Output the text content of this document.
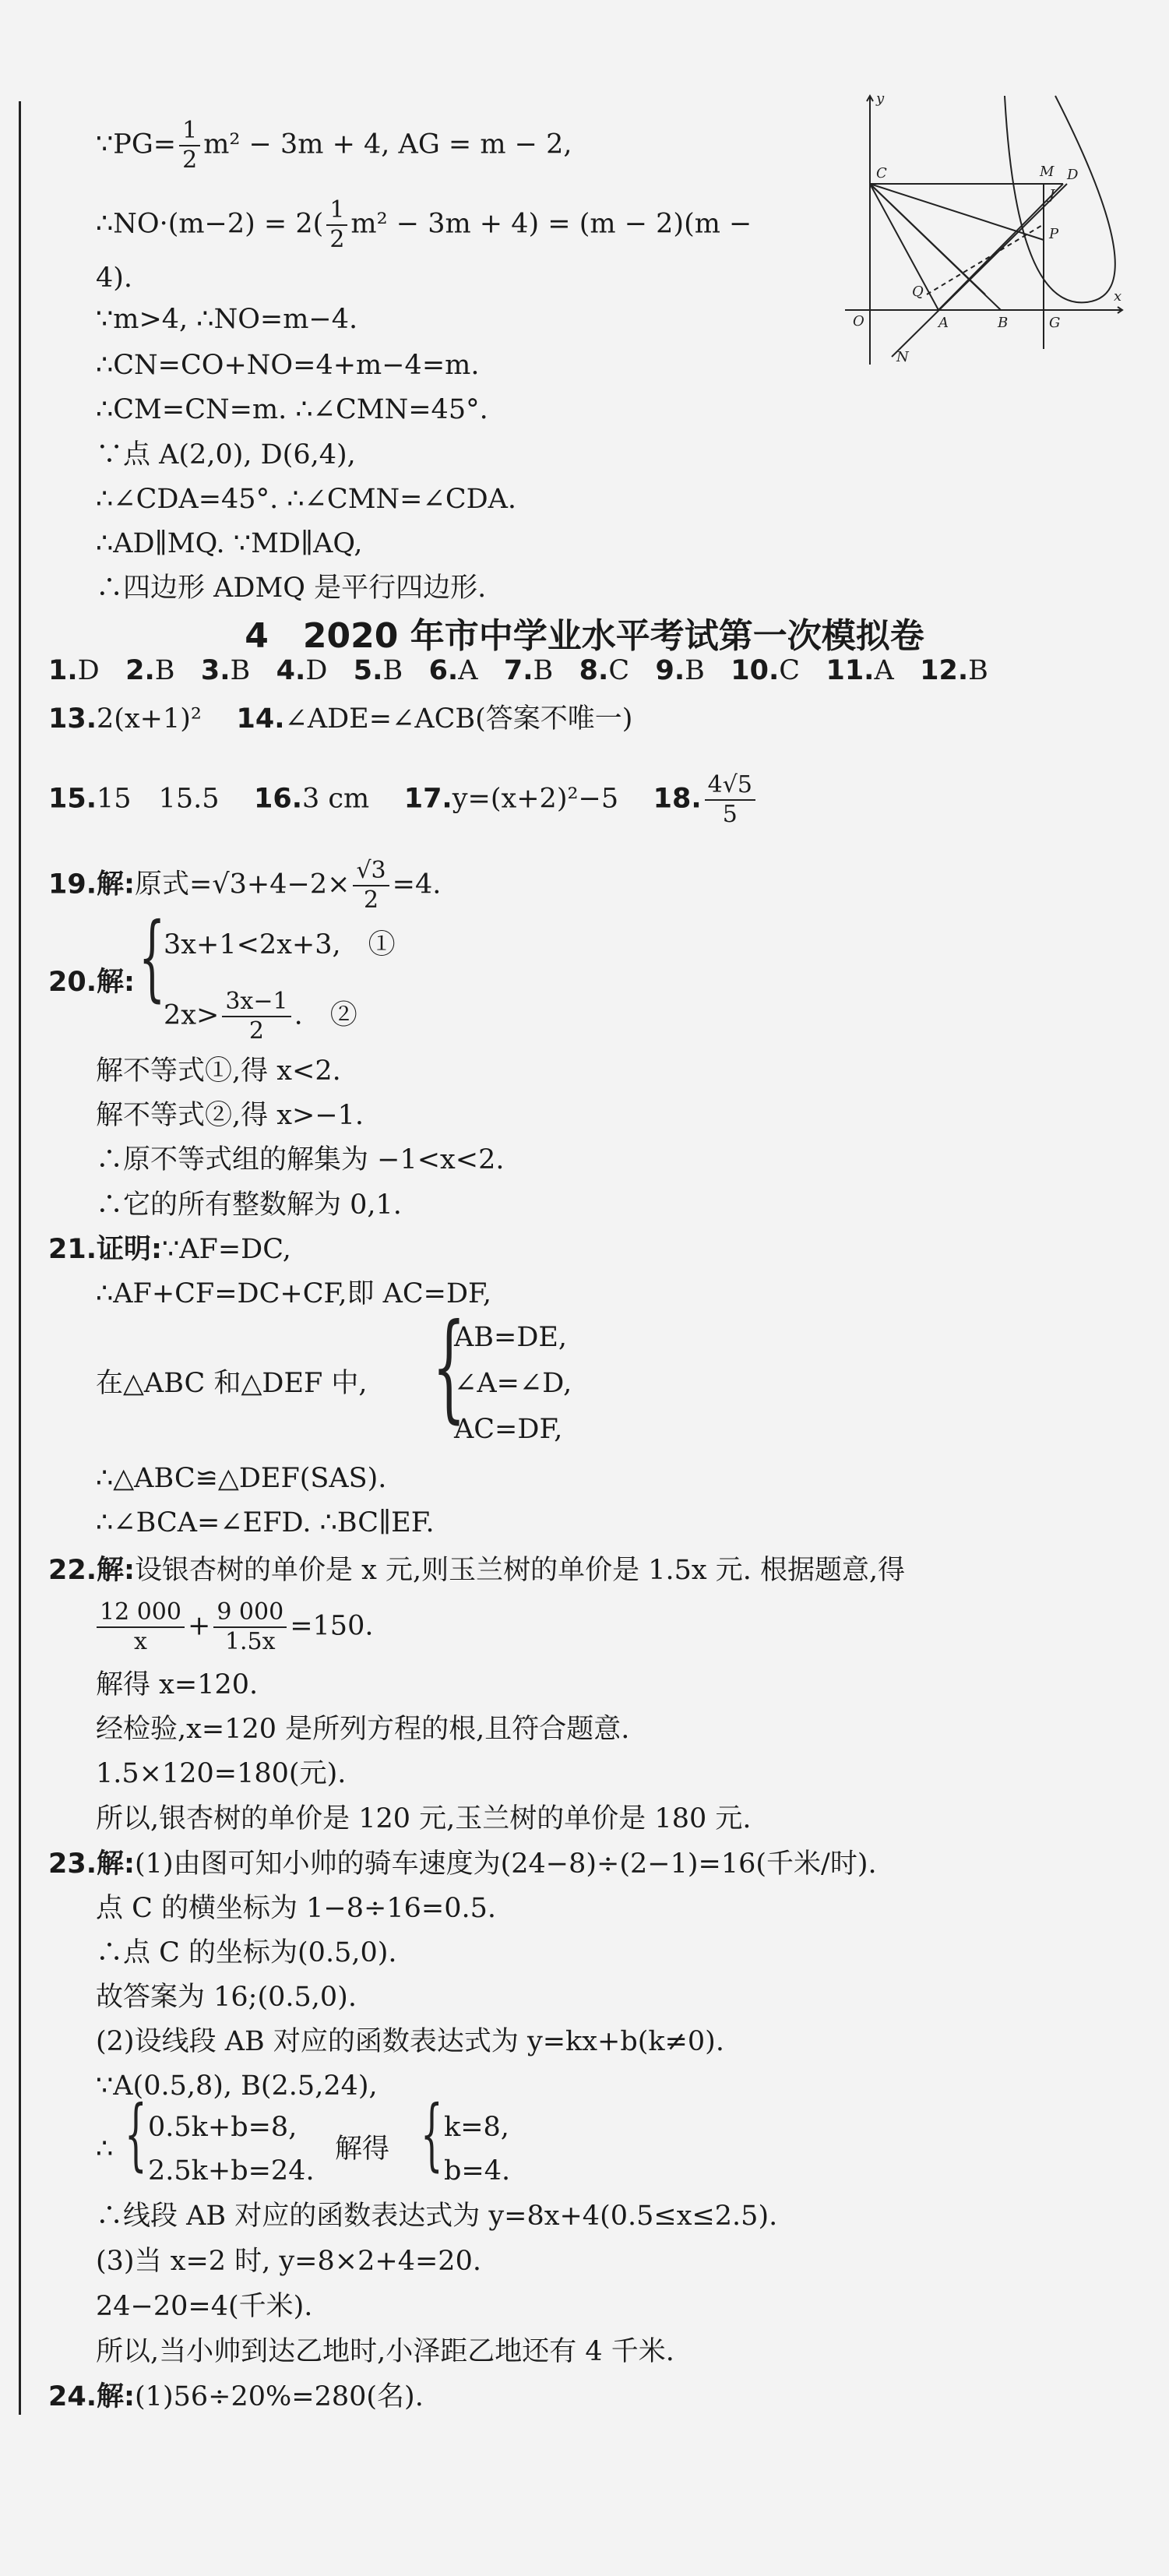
∵PG= $\frac{1}{2} m^2 - 3m + 4$, AG = m − 2,
∴NO·(m−2) = $2( \frac{1}{2} m^2 - 3m + 4) = (m - 2)(m$ −
4).
∵m>4, ∴NO=m−4.
∴CN=CO+NO=4+m−4=m.
∴CM=CN=m. ∴∠CMN=45°.
∵点 A(2,0), D(6,4),
∴∠CDA=45°. ∴∠CMN=∠CDA.
∴AD∥MQ. ∵MD∥AQ,
∴四边形 ADMQ 是平行四边形.
y
x
C	M D
J
P
Q
O	A	B	G
N
4　2020 年市中学业水平考试第一次模拟卷
1.D 2.B 3.B 4.D 5.B 6.A 7.B 8.C 9.B 10.C 11.A 12.B
13.2(x+1)² 14.∠ADE=∠ACB(答案不唯一)
15.15　15.5 16.3 cm 17.y=(x+2)²−5 18. $\frac{4√5}{5}$
19.解:原式$=√3+4-2\times \frac{√3}{2} =4$.
20.解: {
3x+1<2x+3,　①
$2x> \frac{3x-1}{2}$ .　②
解不等式①,得 x<2.
解不等式②,得 x>−1.
∴原不等式组的解集为 −1<x<2.
∴它的所有整数解为 0,1.
21.证明:∵AF=DC,
∴AF+CF=DC+CF,即 AC=DF,
在△ABC 和△DEF 中, {
AB=DE,
∠A=∠D,
AC=DF,
∴△ABC≌△DEF(SAS).
∴∠BCA=∠EFD. ∴BC∥EF.
22.解:设银杏树的单价是 x 元,则玉兰树的单价是 1.5x 元. 根据题意,得
$\frac{12 000}{x} + \frac{9 000}{1.5x} =150$.
解得 x=120.
经检验,x=120 是所列方程的根,且符合题意.
1.5×120=180(元).
所以,银杏树的单价是 120 元,玉兰树的单价是 180 元.
23.解:(1)由图可知小帅的骑车速度为(24−8)÷(2−1)=16(千米/时).
点 C 的横坐标为 1−8÷16=0.5.
∴点 C 的坐标为(0.5,0).
故答案为 16;(0.5,0).
(2)设线段 AB 对应的函数表达式为 y=kx+b(k≠0).
∵A(0.5,8), B(2.5,24),
∴ { 0.5k+b=8,
2.5k+b=24.
解得 { k=8,
b=4.
∴线段 AB 对应的函数表达式为 y=8x+4(0.5≤x≤2.5).
(3)当 x=2 时, y=8×2+4=20.
24−20=4(千米).
所以,当小帅到达乙地时,小泽距乙地还有 4 千米.
24.解:(1)56÷20%=280(名).
